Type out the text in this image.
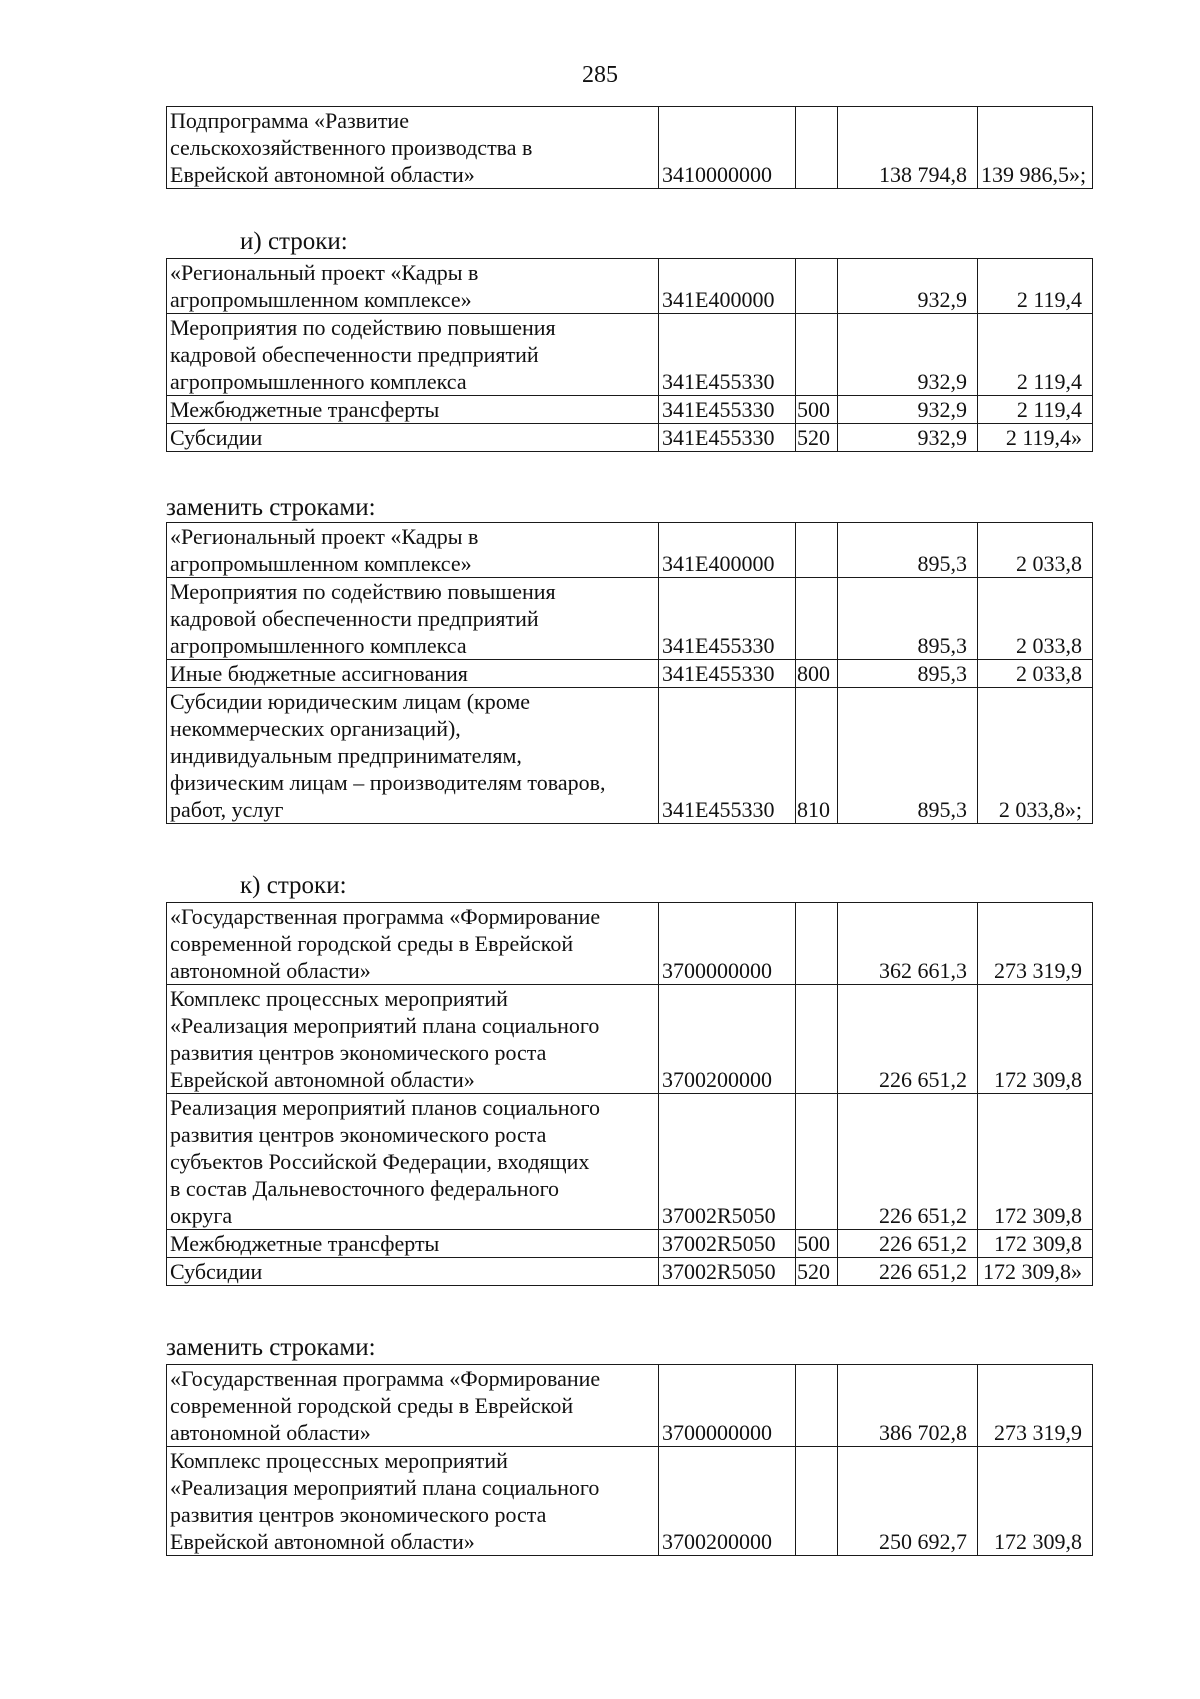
285
Подпрограмма «Развитие
сельскохозяйственного производства в
Еврейской автономной области»	3410000000		138 794,8	139 986,5»;
и) строки:
«Региональный проект «Кадры в
агропромышленном комплексе»	341E400000		932,9	2 119,4
Мероприятия по содействию повышения
кадровой обеспеченности предприятий
агропромышленного комплекса	341E455330		932,9	2 119,4
Межбюджетные трансферты	341E455330	500	932,9	2 119,4
Субсидии	341E455330	520	932,9	2 119,4»
заменить строками:
«Региональный проект «Кадры в
агропромышленном комплексе»	341E400000		895,3	2 033,8
Мероприятия по содействию повышения
кадровой обеспеченности предприятий
агропромышленного комплекса	341E455330		895,3	2 033,8
Иные бюджетные ассигнования	341E455330	800	895,3	2 033,8
Субсидии юридическим лицам (кроме
некоммерческих организаций),
индивидуальным предпринимателям,
физическим лицам – производителям товаров,
работ, услуг	341E455330	810	895,3	2 033,8»;
к) строки:
«Государственная программа «Формирование
современной городской среды в Еврейской
автономной области»	3700000000		362 661,3	273 319,9
Комплекс процессных мероприятий
«Реализация мероприятий плана социального
развития центров экономического роста
Еврейской автономной области»	3700200000		226 651,2	172 309,8
Реализация мероприятий планов социального
развития центров экономического роста
субъектов Российской Федерации, входящих
в состав Дальневосточного федерального
округа	37002R5050		226 651,2	172 309,8
Межбюджетные трансферты	37002R5050	500	226 651,2	172 309,8
Субсидии	37002R5050	520	226 651,2	172 309,8»
заменить строками:
«Государственная программа «Формирование
современной городской среды в Еврейской
автономной области»	3700000000		386 702,8	273 319,9
Комплекс процессных мероприятий
«Реализация мероприятий плана социального
развития центров экономического роста
Еврейской автономной области»	3700200000		250 692,7	172 309,8
